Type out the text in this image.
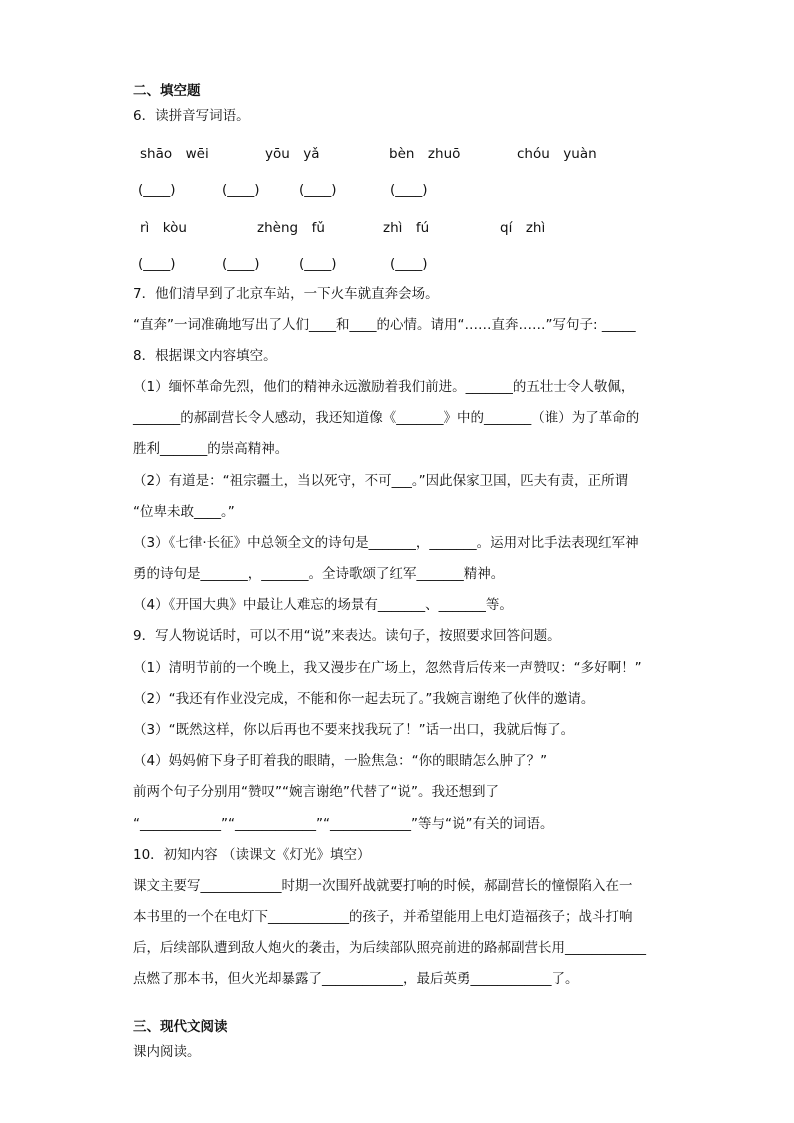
二、填空题
6．读拼音写词语。
shāo　wēi	yōu　yǎ	bèn　zhuō	chóu　yuàn
(____)	(____)	(____)	(____)
rì　kòu	zhèng　fǔ	zhì　fú	qí　zhì
(____)	(____)	(____)	(____)
7．他们清早到了北京车站，一下火车就直奔会场。
“直奔”一词准确地写出了人们____和____的心情。请用“……直奔……”写句子: _____
8．根据课文内容填空。
（1）缅怀革命先烈，他们的精神永远激励着我们前进。_______的五壮士令人敬佩，
_______的郝副营长令人感动，我还知道像《_______》中的_______（谁）为了革命的
胜利_______的崇高精神。
（2）有道是：“祖宗疆土，当以死守，不可___。”因此保家卫国，匹夫有责，正所谓
“位卑未敢____。”
（3）《七律·长征》中总领全文的诗句是_______，_______。运用对比手法表现红军神
勇的诗句是_______，_______。全诗歌颂了红军_______精神。
（4）《开国大典》中最让人难忘的场景有_______、_______等。
9．写人物说话时，可以不用“说”来表达。读句子，按照要求回答问题。
（1）清明节前的一个晚上，我又漫步在广场上，忽然背后传来一声赞叹：“多好啊！”
（2）“我还有作业没完成，不能和你一起去玩了。”我婉言谢绝了伙伴的邀请。
（3）“既然这样，你以后再也不要来找我玩了！”话一出口，我就后悔了。
（4）妈妈俯下身子盯着我的眼睛，一脸焦急：“你的眼睛怎么肿了？”
前两个句子分别用“赞叹”“婉言谢绝”代替了“说”。我还想到了
“____________”“____________”“____________”等与“说”有关的词语。
10．初知内容 （读课文《灯光》填空）
课文主要写____________时期一次围歼战就要打响的时候，郝副营长的憧憬陷入在一
本书里的一个在电灯下____________的孩子，并希望能用上电灯造福孩子；战斗打响
后，后续部队遭到敌人炮火的袭击，为后续部队照亮前进的路郝副营长用____________
点燃了那本书，但火光却暴露了____________，最后英勇____________了。
三、现代文阅读
课内阅读。
